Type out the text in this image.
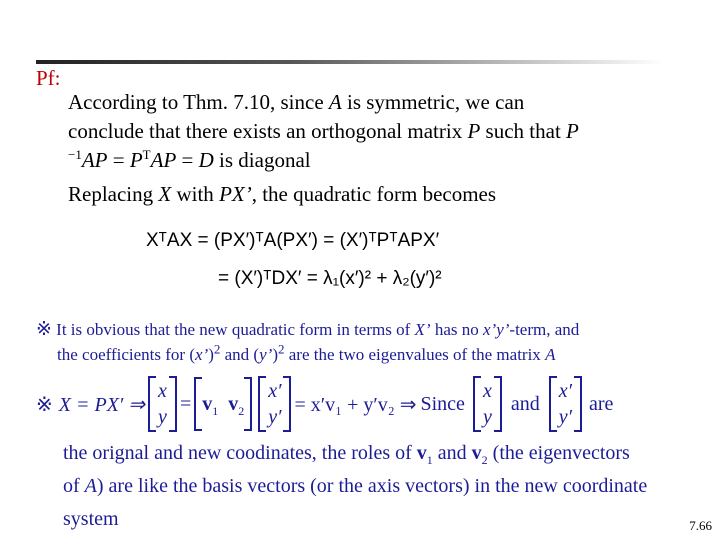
Pf:
According to Thm. 7.10, since A is symmetric, we can
conclude that there exists an orthogonal matrix P such that P
$^{-1}AP = P^TAP = D$ is diagonal
Replacing X with PX’, the quadratic form becomes
XᵀAX = (PX′)ᵀA(PX′) = (X′)ᵀPᵀAPX′
= (X′)ᵀDX′ = λ₁(x′)² + λ₂(y′)²
※ It is obvious that the new quadratic form in terms of X’ has no x’y’-term, and
the coefficients for (x’)$^2$ and (y’)$^2$ are the two eigenvalues of the matrix A
※ X = PX′ ⇒
x
y
= $v_1$ $v_2$
x′
y′
= x′v₁ + y′v₂ ⇒ Since
x
y
and
x′
y′
are
the orignal and new coodinates, the roles of $v_1$ and $v_2$ (the eigenvectors
of A) are like the basis vectors (or the axis vectors) in the new coordinate
system	7.66
